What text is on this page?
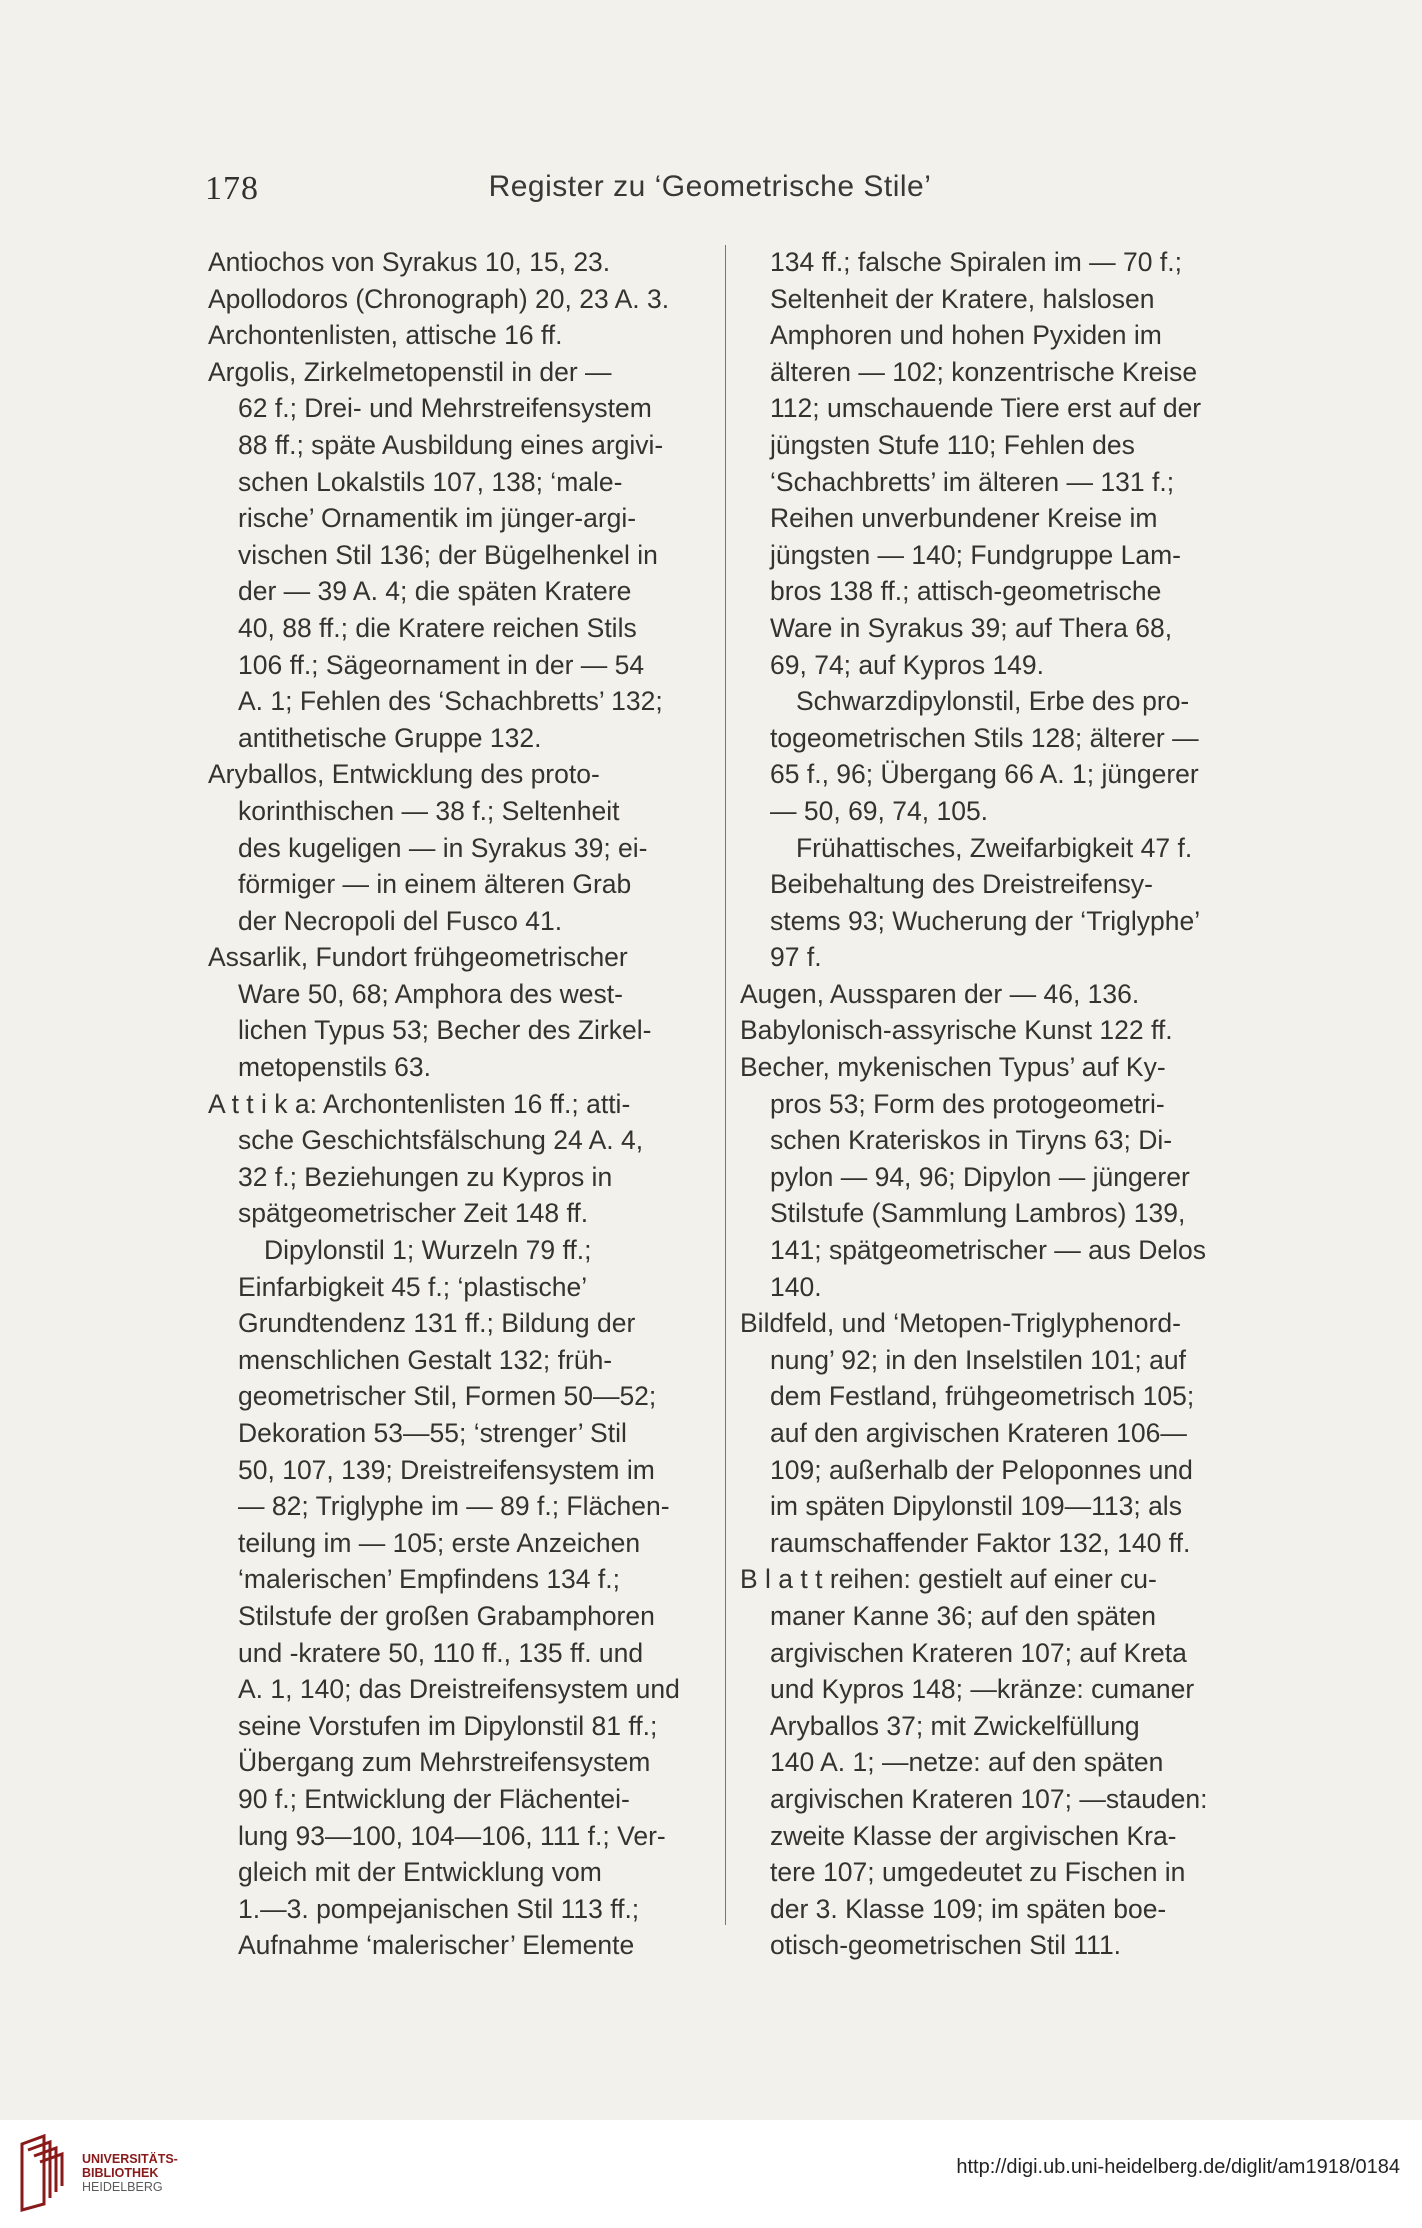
178	Register zu ‘Geometrische Stile’
Antiochos von Syrakus 10, 15, 23.
Apollodoros (Chronograph) 20, 23 A. 3.
Archontenlisten, attische 16 ff.
Argolis, Zirkelmetopenstil in der —
62 f.; Drei- und Mehrstreifensystem
88 ff.; späte Ausbildung eines argivi-
schen Lokalstils 107, 138; ‘male-
rische’ Ornamentik im jünger-argi-
vischen Stil 136; der Bügelhenkel in
der — 39 A. 4; die späten Kratere
40, 88 ff.; die Kratere reichen Stils
106 ff.; Sägeornament in der — 54
A. 1; Fehlen des ‘Schachbretts’ 132;
antithetische Gruppe 132.
Aryballos, Entwicklung des proto-
korinthischen — 38 f.; Seltenheit
des kugeligen — in Syrakus 39; ei-
förmiger — in einem älteren Grab
der Necropoli del Fusco 41.
Assarlik, Fundort frühgeometrischer
Ware 50, 68; Amphora des west-
lichen Typus 53; Becher des Zirkel-
metopenstils 63.
A t t i k a: Archontenlisten 16 ff.; atti-
sche Geschichtsfälschung 24 A. 4,
32 f.; Beziehungen zu Kypros in
spätgeometrischer Zeit 148 ff.
Dipylonstil 1; Wurzeln 79 ff.;
Einfarbigkeit 45 f.; ‘plastische’
Grundtendenz 131 ff.; Bildung der
menschlichen Gestalt 132; früh-
geometrischer Stil, Formen 50—52;
Dekoration 53—55; ‘strenger’ Stil
50, 107, 139; Dreistreifensystem im
— 82; Triglyphe im — 89 f.; Flächen-
teilung im — 105; erste Anzeichen
‘malerischen’ Empfindens 134 f.;
Stilstufe der großen Grabamphoren
und -kratere 50, 110 ff., 135 ff. und
A. 1, 140; das Dreistreifensystem und
seine Vorstufen im Dipylonstil 81 ff.;
Übergang zum Mehrstreifensystem
90 f.; Entwicklung der Flächentei-
lung 93—100, 104—106, 111 f.; Ver-
gleich mit der Entwicklung vom
1.—3. pompejanischen Stil 113 ff.;
Aufnahme ‘malerischer’ Elemente
134 ff.; falsche Spiralen im — 70 f.;
Seltenheit der Kratere, halslosen
Amphoren und hohen Pyxiden im
älteren — 102; konzentrische Kreise
112; umschauende Tiere erst auf der
jüngsten Stufe 110; Fehlen des
‘Schachbretts’ im älteren — 131 f.;
Reihen unverbundener Kreise im
jüngsten — 140; Fundgruppe Lam-
bros 138 ff.; attisch-geometrische
Ware in Syrakus 39; auf Thera 68,
69, 74; auf Kypros 149.
Schwarzdipylonstil, Erbe des pro-
togeometrischen Stils 128; älterer —
65 f., 96; Übergang 66 A. 1; jüngerer
— 50, 69, 74, 105.
Frühattisches, Zweifarbigkeit 47 f.
Beibehaltung des Dreistreifensy-
stems 93; Wucherung der ‘Triglyphe’
97 f.
Augen, Aussparen der — 46, 136.
Babylonisch-assyrische Kunst 122 ff.
Becher, mykenischen Typus’ auf Ky-
pros 53; Form des protogeometri-
schen Krateriskos in Tiryns 63; Di-
pylon — 94, 96; Dipylon — jüngerer
Stilstufe (Sammlung Lambros) 139,
141; spätgeometrischer — aus Delos
140.
Bildfeld, und ‘Metopen-Triglyphenord-
nung’ 92; in den Inselstilen 101; auf
dem Festland, frühgeometrisch 105;
auf den argivischen Krateren 106—
109; außerhalb der Peloponnes und
im späten Dipylonstil 109—113; als
raumschaffender Faktor 132, 140 ff.
B l a t t reihen: gestielt auf einer cu-
maner Kanne 36; auf den späten
argivischen Krateren 107; auf Kreta
und Kypros 148; —kränze: cumaner
Aryballos 37; mit Zwickelfüllung
140 A. 1; —netze: auf den späten
argivischen Krateren 107; —stauden:
zweite Klasse der argivischen Kra-
tere 107; umgedeutet zu Fischen in
der 3. Klasse 109; im späten boe-
otisch-geometrischen Stil 111.
UNIVERSITÄTS-
BIBLIOTHEK
HEIDELBERG
http://digi.ub.uni-heidelberg.de/diglit/am1918/0184
